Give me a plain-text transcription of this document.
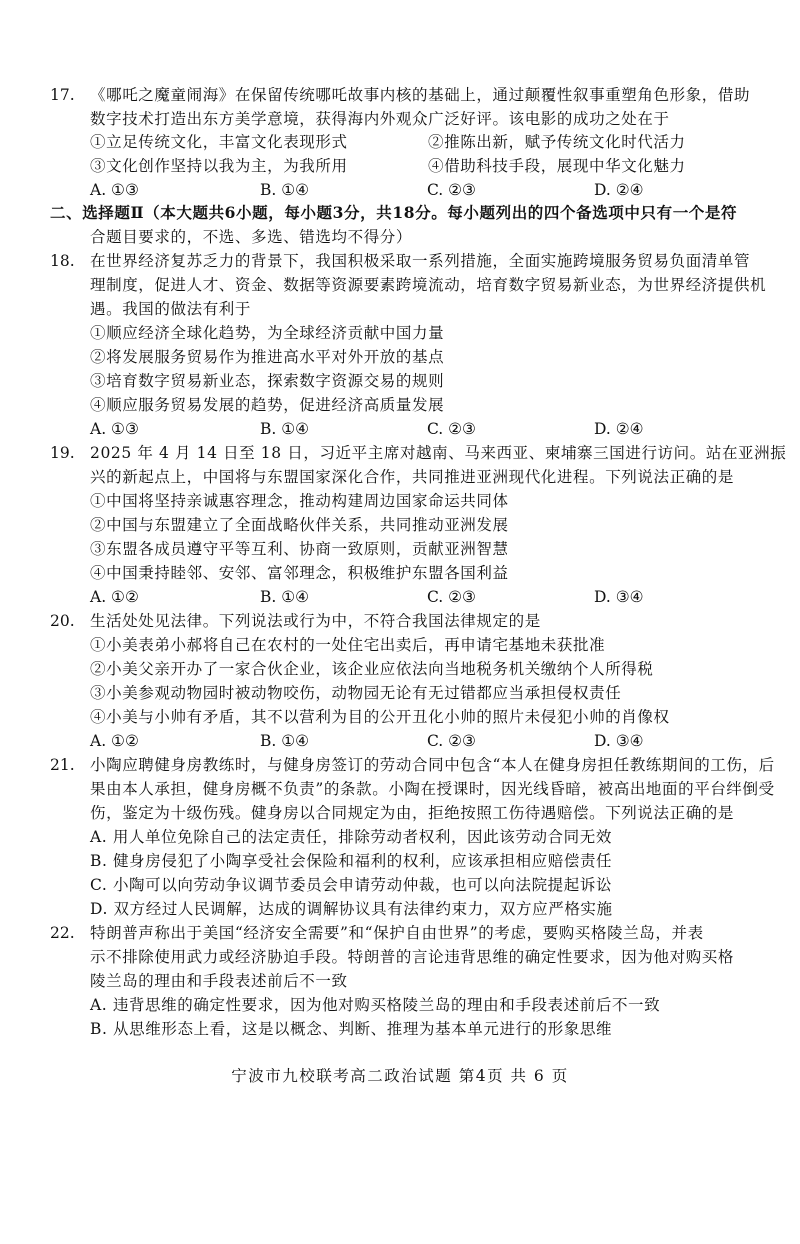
17. 《哪吒之魔童闹海》在保留传统哪吒故事内核的基础上，通过颠覆性叙事重塑角色形象，借助
数字技术打造出东方美学意境，获得海内外观众广泛好评。该电影的成功之处在于
①立足传统文化，丰富文化表现形式	②推陈出新，赋予传统文化时代活力
③文化创作坚持以我为主，为我所用	④借助科技手段，展现中华文化魅力
A. ①③	B. ①④	C. ②③	D. ②④
二、选择题Ⅱ（本大题共6小题，每小题3分，共18分。每小题列出的四个备选项中只有一个是符
合题目要求的，不选、多选、错选均不得分）
18. 在世界经济复苏乏力的背景下，我国积极采取一系列措施，全面实施跨境服务贸易负面清单管
理制度，促进人才、资金、数据等资源要素跨境流动，培育数字贸易新业态，为世界经济提供机
遇。我国的做法有利于
①顺应经济全球化趋势，为全球经济贡献中国力量
②将发展服务贸易作为推进高水平对外开放的基点
③培育数字贸易新业态，探索数字资源交易的规则
④顺应服务贸易发展的趋势，促进经济高质量发展
A. ①③	B. ①④	C. ②③	D. ②④
19. 2025 年 4 月 14 日至 18 日，习近平主席对越南、马来西亚、柬埔寨三国进行访问。站在亚洲振
兴的新起点上，中国将与东盟国家深化合作，共同推进亚洲现代化进程。下列说法正确的是
①中国将坚持亲诚惠容理念，推动构建周边国家命运共同体
②中国与东盟建立了全面战略伙伴关系，共同推动亚洲发展
③东盟各成员遵守平等互利、协商一致原则，贡献亚洲智慧
④中国秉持睦邻、安邻、富邻理念，积极维护东盟各国利益
A. ①②	B. ①④	C. ②③	D. ③④
20. 生活处处见法律。下列说法或行为中，不符合我国法律规定的是
①小美表弟小郝将自己在农村的一处住宅出卖后，再申请宅基地未获批准
②小美父亲开办了一家合伙企业，该企业应依法向当地税务机关缴纳个人所得税
③小美参观动物园时被动物咬伤，动物园无论有无过错都应当承担侵权责任
④小美与小帅有矛盾，其不以营利为目的公开丑化小帅的照片未侵犯小帅的肖像权
A. ①②	B. ①④	C. ②③	D. ③④
21. 小陶应聘健身房教练时，与健身房签订的劳动合同中包含“本人在健身房担任教练期间的工伤，后
果由本人承担，健身房概不负责”的条款。小陶在授课时，因光线昏暗，被高出地面的平台绊倒受
伤，鉴定为十级伤残。健身房以合同规定为由，拒绝按照工伤待遇赔偿。下列说法正确的是
A. 用人单位免除自己的法定责任，排除劳动者权利，因此该劳动合同无效
B. 健身房侵犯了小陶享受社会保险和福利的权利，应该承担相应赔偿责任
C. 小陶可以向劳动争议调节委员会申请劳动仲裁，也可以向法院提起诉讼
D. 双方经过人民调解，达成的调解协议具有法律约束力，双方应严格实施
22. 特朗普声称出于美国“经济安全需要”和“保护自由世界”的考虑，要购买格陵兰岛，并表
示不排除使用武力或经济胁迫手段。特朗普的言论违背思维的确定性要求，因为他对购买格
陵兰岛的理由和手段表述前后不一致
A. 违背思维的确定性要求，因为他对购买格陵兰岛的理由和手段表述前后不一致
B. 从思维形态上看，这是以概念、判断、推理为基本单元进行的形象思维
宁波市九校联考高二政治试题 第4页 共 6 页
